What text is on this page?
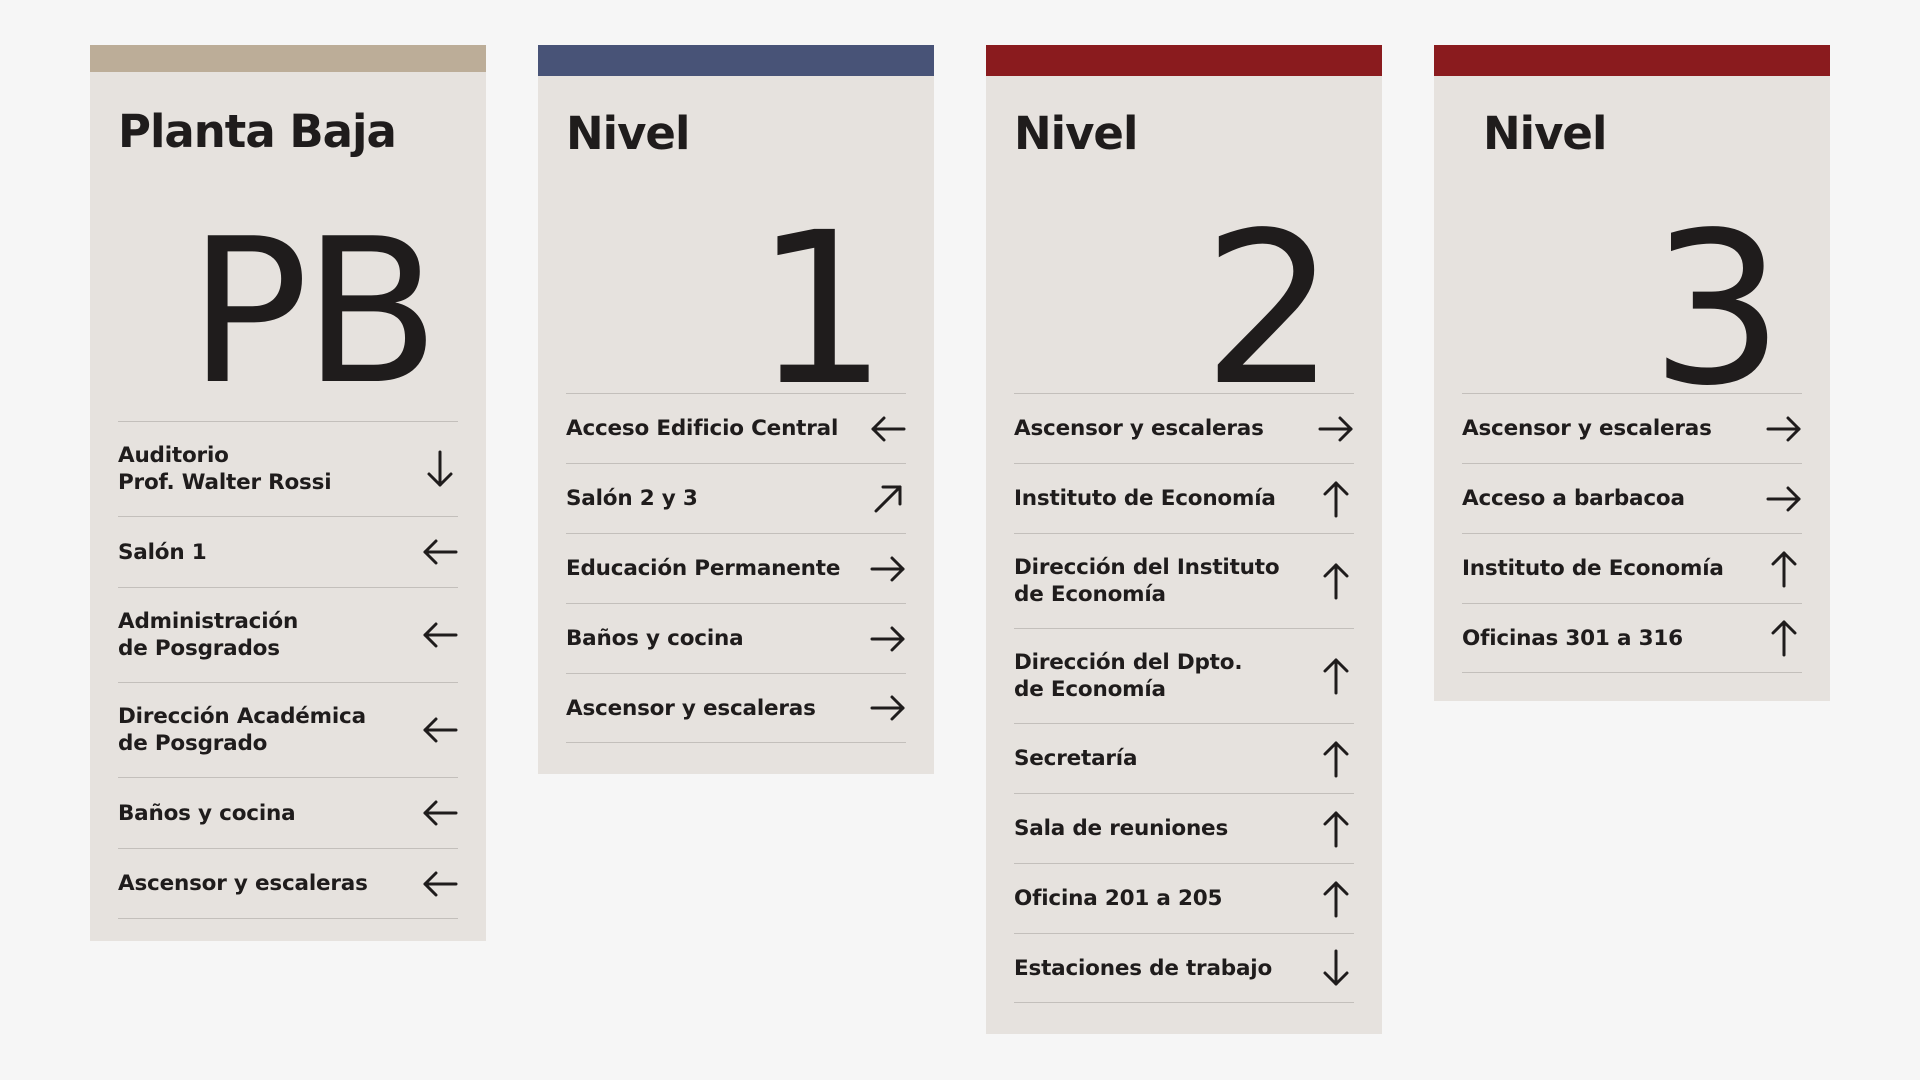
Planta Baja
PB
Auditorio
Prof. Walter Rossi
Salón 1
Administración
de Posgrados
Dirección Académica
de Posgrado
Baños y cocina
Ascensor y escaleras
Nivel
1
Acceso Edificio Central
Salón 2 y 3
Educación Permanente
Baños y cocina
Ascensor y escaleras
Nivel
2
Ascensor y escaleras
Instituto de Economía
Dirección del Instituto
de Economía
Dirección del Dpto.
de Economía
Secretaría
Sala de reuniones
Oficina 201 a 205
Estaciones de trabajo
Nivel
3
Ascensor y escaleras
Acceso a barbacoa
Instituto de Economía
Oficinas 301 a 316
